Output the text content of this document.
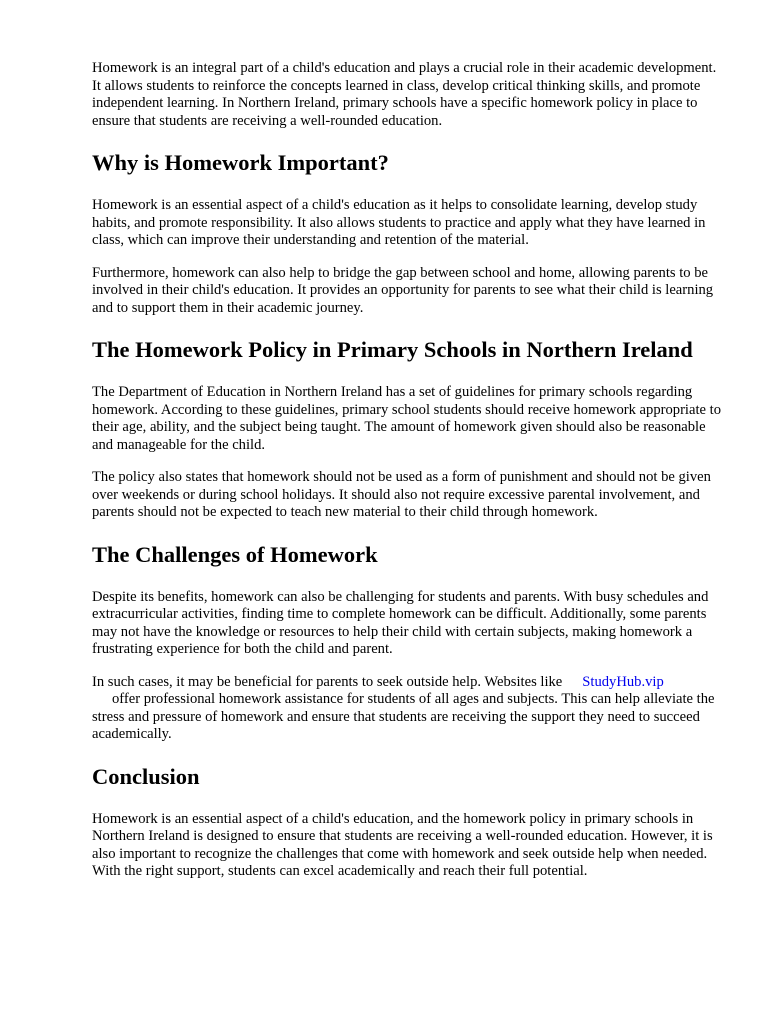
Homework is an integral part of a child's education and plays a crucial role in their academic development. It allows students to reinforce the concepts learned in class, develop critical thinking skills, and promote independent learning. In Northern Ireland, primary schools have a specific homework policy in place to ensure that students are receiving a well-rounded education.

Why is Homework Important?

Homework is an essential aspect of a child's education as it helps to consolidate learning, develop study habits, and promote responsibility. It also allows students to practice and apply what they have learned in class, which can improve their understanding and retention of the material.

Furthermore, homework can also help to bridge the gap between school and home, allowing parents to be involved in their child's education. It provides an opportunity for parents to see what their child is learning and to support them in their academic journey.

The Homework Policy in Primary Schools in Northern Ireland

The Department of Education in Northern Ireland has a set of guidelines for primary schools regarding homework. According to these guidelines, primary school students should receive homework appropriate to their age, ability, and the subject being taught. The amount of homework given should also be reasonable and manageable for the child.

The policy also states that homework should not be used as a form of punishment and should not be given over weekends or during school holidays. It should also not require excessive parental involvement, and parents should not be expected to teach new material to their child through homework.

The Challenges of Homework

Despite its benefits, homework can also be challenging for students and parents. With busy schedules and extracurricular activities, finding time to complete homework can be difficult. Additionally, some parents may not have the knowledge or resources to help their child with certain subjects, making homework a frustrating experience for both the child and parent.

In such cases, it may be beneficial for parents to seek outside help. Websites like StudyHub.vip
offer professional homework assistance for students of all ages and subjects. This can help alleviate the stress and pressure of homework and ensure that students are receiving the support they need to succeed academically.

Conclusion

Homework is an essential aspect of a child's education, and the homework policy in primary schools in Northern Ireland is designed to ensure that students are receiving a well-rounded education. However, it is also important to recognize the challenges that come with homework and seek outside help when needed. With the right support, students can excel academically and reach their full potential.
